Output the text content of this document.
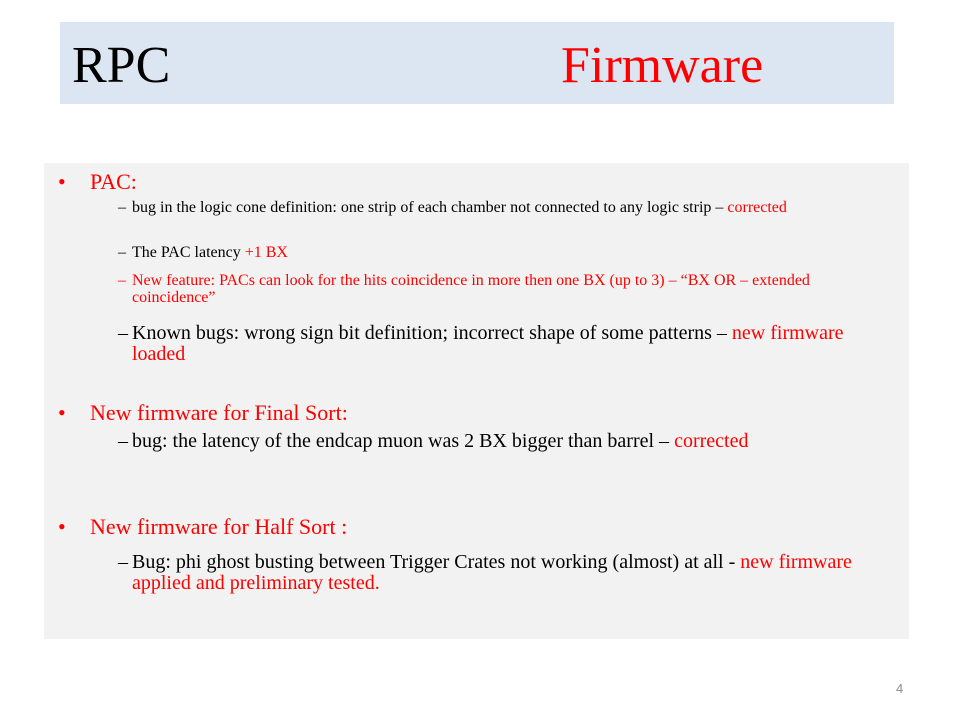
RPC	Firmware
• PAC:
– bug in the logic cone definition: one strip of each chamber not connected to any logic strip – corrected
– The PAC latency +1 BX
– New feature: PACs can look for the hits coincidence in more then one BX (up to 3) – “BX OR – extended coincidence”
– Known bugs: wrong sign bit definition; incorrect shape of some patterns – new firmware loaded
• New firmware for Final Sort:
– bug: the latency of the endcap muon was 2 BX bigger than barrel – corrected
• New firmware for Half Sort :
– Bug: phi ghost busting between Trigger Crates not working (almost) at all - new firmware applied and preliminary tested.
4
